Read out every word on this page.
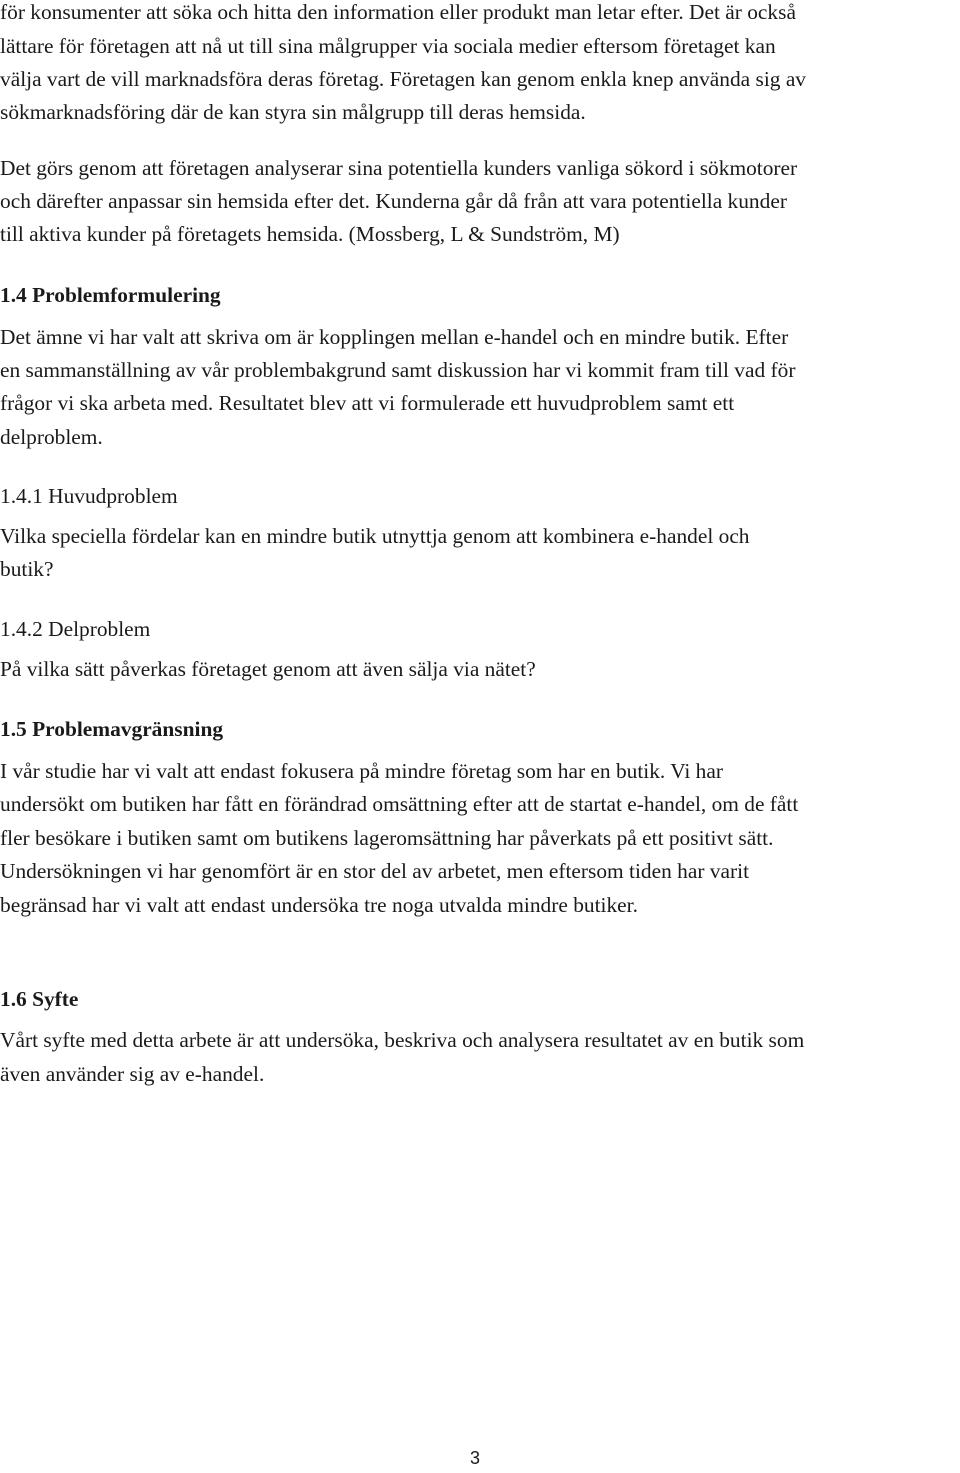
för konsumenter att söka och hitta den information eller produkt man letar efter. Det är också
lättare för företagen att nå ut till sina målgrupper via sociala medier eftersom företaget kan
välja vart de vill marknadsföra deras företag. Företagen kan genom enkla knep använda sig av
sökmarknadsföring där de kan styra sin målgrupp till deras hemsida.
Det görs genom att företagen analyserar sina potentiella kunders vanliga sökord i sökmotorer
och därefter anpassar sin hemsida efter det. Kunderna går då från att vara potentiella kunder
till aktiva kunder på företagets hemsida. (Mossberg, L & Sundström, M)
1.4 Problemformulering
Det ämne vi har valt att skriva om är kopplingen mellan e-handel och en mindre butik. Efter
en sammanställning av vår problembakgrund samt diskussion har vi kommit fram till vad för
frågor vi ska arbeta med. Resultatet blev att vi formulerade ett huvudproblem samt ett
delproblem.
1.4.1 Huvudproblem
Vilka speciella fördelar kan en mindre butik utnyttja genom att kombinera e-handel och
butik?
1.4.2 Delproblem
På vilka sätt påverkas företaget genom att även sälja via nätet?
1.5 Problemavgränsning
I vår studie har vi valt att endast fokusera på mindre företag som har en butik. Vi har
undersökt om butiken har fått en förändrad omsättning efter att de startat e-handel, om de fått
fler besökare i butiken samt om butikens lageromsättning har påverkats på ett positivt sätt.
Undersökningen vi har genomfört är en stor del av arbetet, men eftersom tiden har varit
begränsad har vi valt att endast undersöka tre noga utvalda mindre butiker.
1.6 Syfte
Vårt syfte med detta arbete är att undersöka, beskriva och analysera resultatet av en butik som
även använder sig av e-handel.
3
